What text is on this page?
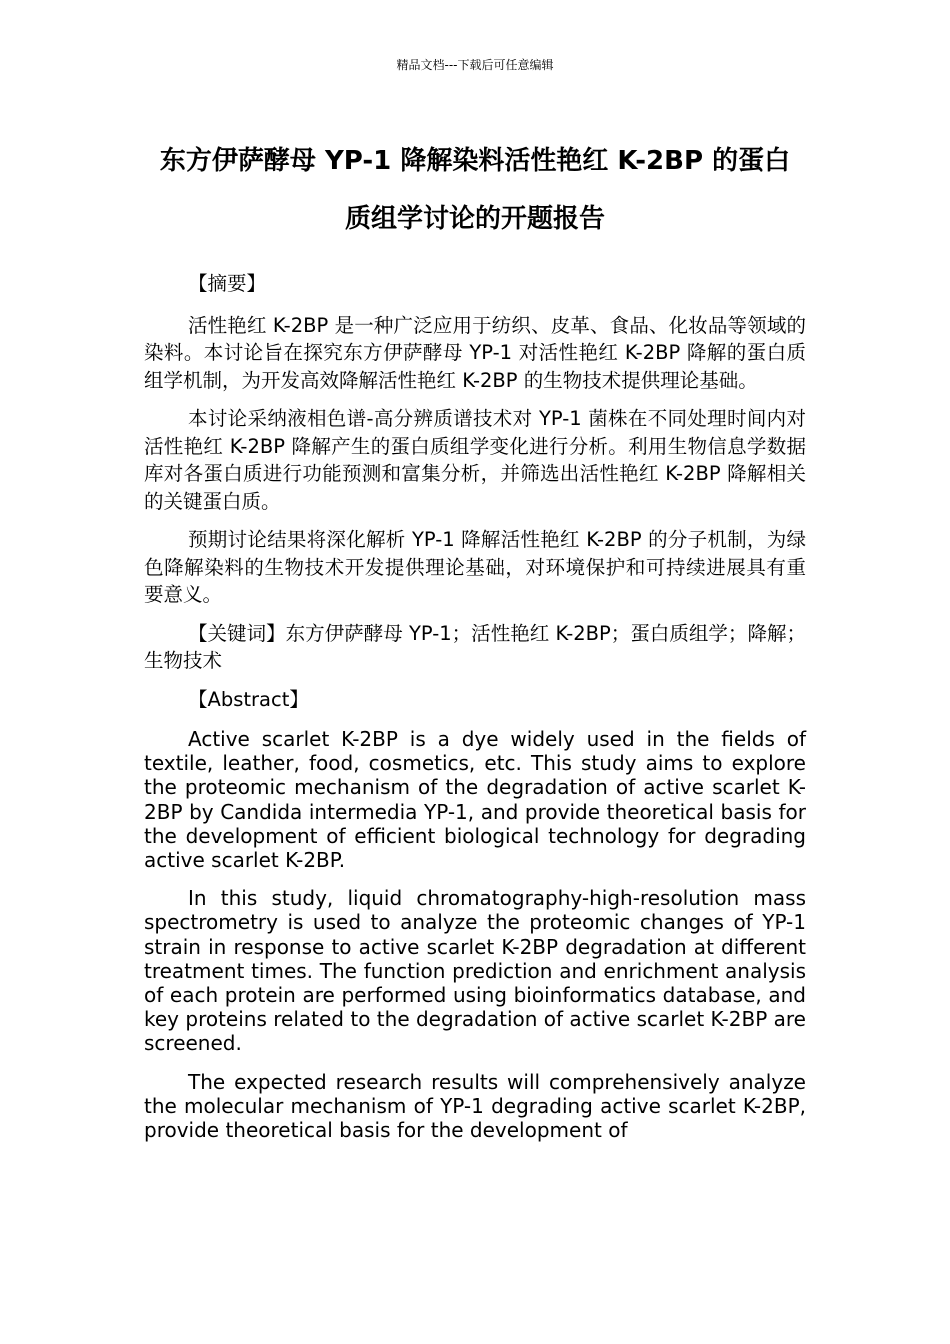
精品文档---下载后可任意编辑
东方伊萨酵母 YP-1 降解染料活性艳红 K-2BP 的蛋白
质组学讨论的开题报告

【摘要】

活性艳红 K-2BP 是一种广泛应用于纺织、皮革、食品、化妆品等领域的染料。本讨论旨在探究东方伊萨酵母 YP-1 对活性艳红 K-2BP 降解的蛋白质组学机制，为开发高效降解活性艳红 K-2BP 的生物技术提供理论基础。

本讨论采纳液相色谱-高分辨质谱技术对 YP-1 菌株在不同处理时间内对活性艳红 K-2BP 降解产生的蛋白质组学变化进行分析。利用生物信息学数据库对各蛋白质进行功能预测和富集分析，并筛选出活性艳红 K-2BP 降解相关的关键蛋白质。

预期讨论结果将深化解析 YP-1 降解活性艳红 K-2BP 的分子机制，为绿色降解染料的生物技术开发提供理论基础，对环境保护和可持续进展具有重要意义。

【关键词】东方伊萨酵母 YP-1；活性艳红 K-2BP；蛋白质组学；降解；生物技术

【Abstract】

Active scarlet K-2BP is a dye widely used in the fields of textile, leather, food, cosmetics, etc. This study aims to explore the proteomic mechanism of the degradation of active scarlet K-2BP by Candida intermedia YP-1, and provide theoretical basis for the development of efficient biological technology for degrading active scarlet K-2BP.

In this study, liquid chromatography-high-resolution mass spectrometry is used to analyze the proteomic changes of YP-1 strain in response to active scarlet K-2BP degradation at different treatment times. The function prediction and enrichment analysis of each protein are performed using bioinformatics database, and key proteins related to the degradation of active scarlet K-2BP are screened.

The expected research results will comprehensively analyze the molecular mechanism of YP-1 degrading active scarlet K-2BP, provide theoretical basis for the development of
